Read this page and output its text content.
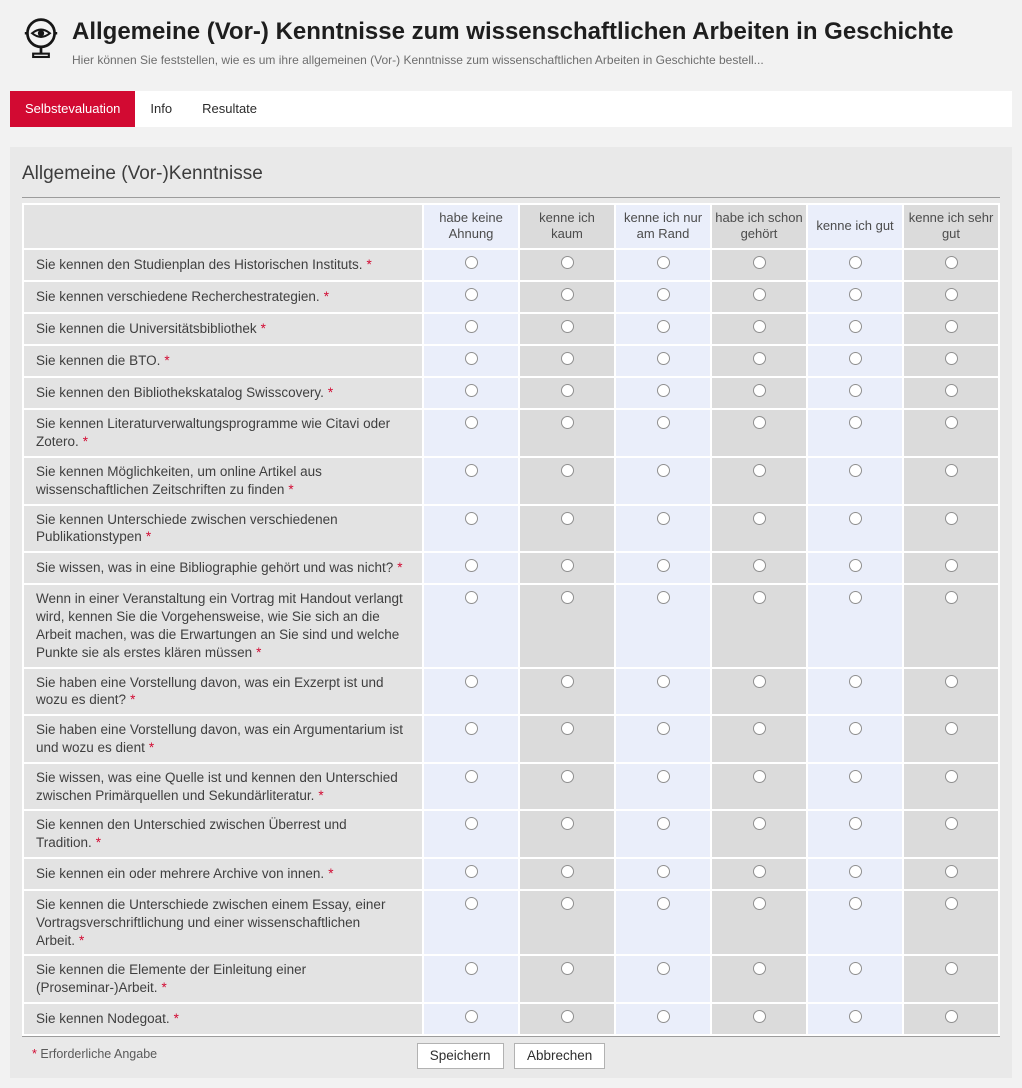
Allgemeine (Vor-) Kenntnisse zum wissenschaftlichen Arbeiten in Geschichte

Hier können Sie feststellen, wie es um ihre allgemeinen (Vor-) Kenntnisse zum wissenschaftlichen Arbeiten in Geschichte bestell...

Selbstevaluation	Info	Resultate
Allgemeine (Vor-)Kenntnisse
	habe keine Ahnung	kenne ich kaum	kenne ich nur am Rand	habe ich schon gehört	kenne ich gut	kenne ich sehr gut
Sie kennen den Studienplan des Historischen Instituts. *						
Sie kennen verschiedene Recherchestrategien. *						
Sie kennen die Universitätsbibliothek *						
Sie kennen die BTO. *						
Sie kennen den Bibliothekskatalog Swisscovery. *						
Sie kennen Literaturverwaltungsprogramme wie Citavi oder Zotero. *						
Sie kennen Möglichkeiten, um online Artikel aus wissenschaftlichen Zeitschriften zu finden *						
Sie kennen Unterschiede zwischen verschiedenen Publikationstypen *						
Sie wissen, was in eine Bibliographie gehört und was nicht? *						
Wenn in einer Veranstaltung ein Vortrag mit Handout verlangt wird, kennen Sie die Vorgehensweise, wie Sie sich an die Arbeit machen, was die Erwartungen an Sie sind und welche Punkte sie als erstes klären müssen *						
Sie haben eine Vorstellung davon, was ein Exzerpt ist und wozu es dient? *						
Sie haben eine Vorstellung davon, was ein Argumentarium ist und wozu es dient *						
Sie wissen, was eine Quelle ist und kennen den Unterschied zwischen Primärquellen und Sekundärliteratur. *						
Sie kennen den Unterschied zwischen Überrest und Tradition. *						
Sie kennen ein oder mehrere Archive von innen. *						
Sie kennen die Unterschiede zwischen einem Essay, einer Vortragsverschriftlichung und einer wissenschaftlichen Arbeit. *						
Sie kennen die Elemente der Einleitung einer (Proseminar-)Arbeit. *						
Sie kennen Nodegoat. *						
* Erforderliche Angabe	Speichern	Abbrechen
